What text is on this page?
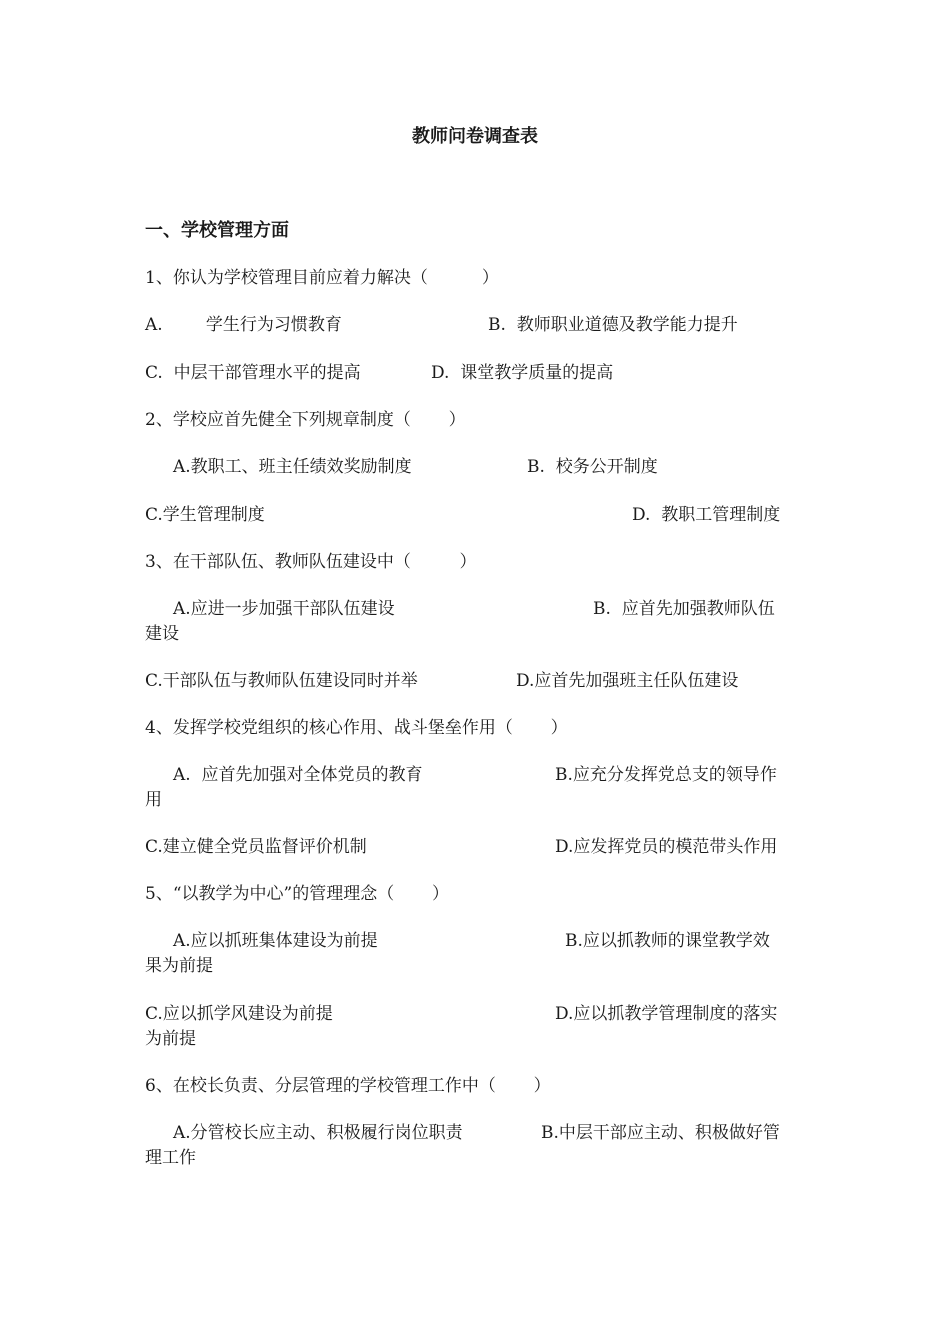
教师问卷调查表
一、学校管理方面
1、你认为学校管理目前应着力解决（          ）
A.        学生行为习惯教育	B.  教师职业道德及教学能力提升
C.  中层干部管理水平的提高	D.  课堂教学质量的提高
2、学校应首先健全下列规章制度（       ）
A.教职工、班主任绩效奖励制度	B.  校务公开制度
C.学生管理制度	D.  教职工管理制度
3、在干部队伍、教师队伍建设中（         ）
A.应进一步加强干部队伍建设	B.  应首先加强教师队伍
建设
C.干部队伍与教师队伍建设同时并举	D.应首先加强班主任队伍建设
4、发挥学校党组织的核心作用、战斗堡垒作用（       ）
A.  应首先加强对全体党员的教育	B.应充分发挥党总支的领导作
用
C.建立健全党员监督评价机制	D.应发挥党员的模范带头作用
5、“以教学为中心”的管理理念（       ）
A.应以抓班集体建设为前提	B.应以抓教师的课堂教学效
果为前提
C.应以抓学风建设为前提	D.应以抓教学管理制度的落实
为前提
6、在校长负责、分层管理的学校管理工作中（       ）
A.分管校长应主动、积极履行岗位职责	B.中层干部应主动、积极做好管
理工作
